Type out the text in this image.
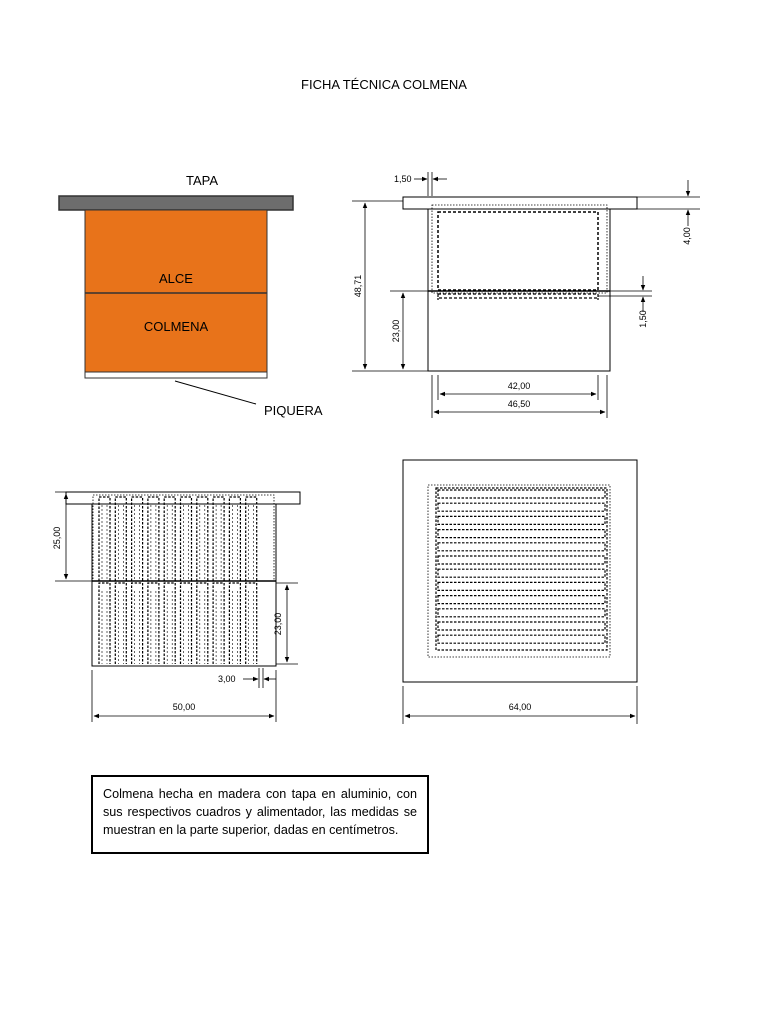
FICHA TÉCNICA COLMENA
TAPA
ALCE
COLMENA
PIQUERA
1,50
48,71
23,00
4,00
1,50
42,00
46,50
25,00
23,00
3,00
50,00	64,00
Colmena hecha en madera con tapa en aluminio, con sus respectivos cuadros y alimentador, las medidas se muestran en la parte superior, dadas en centímetros.
